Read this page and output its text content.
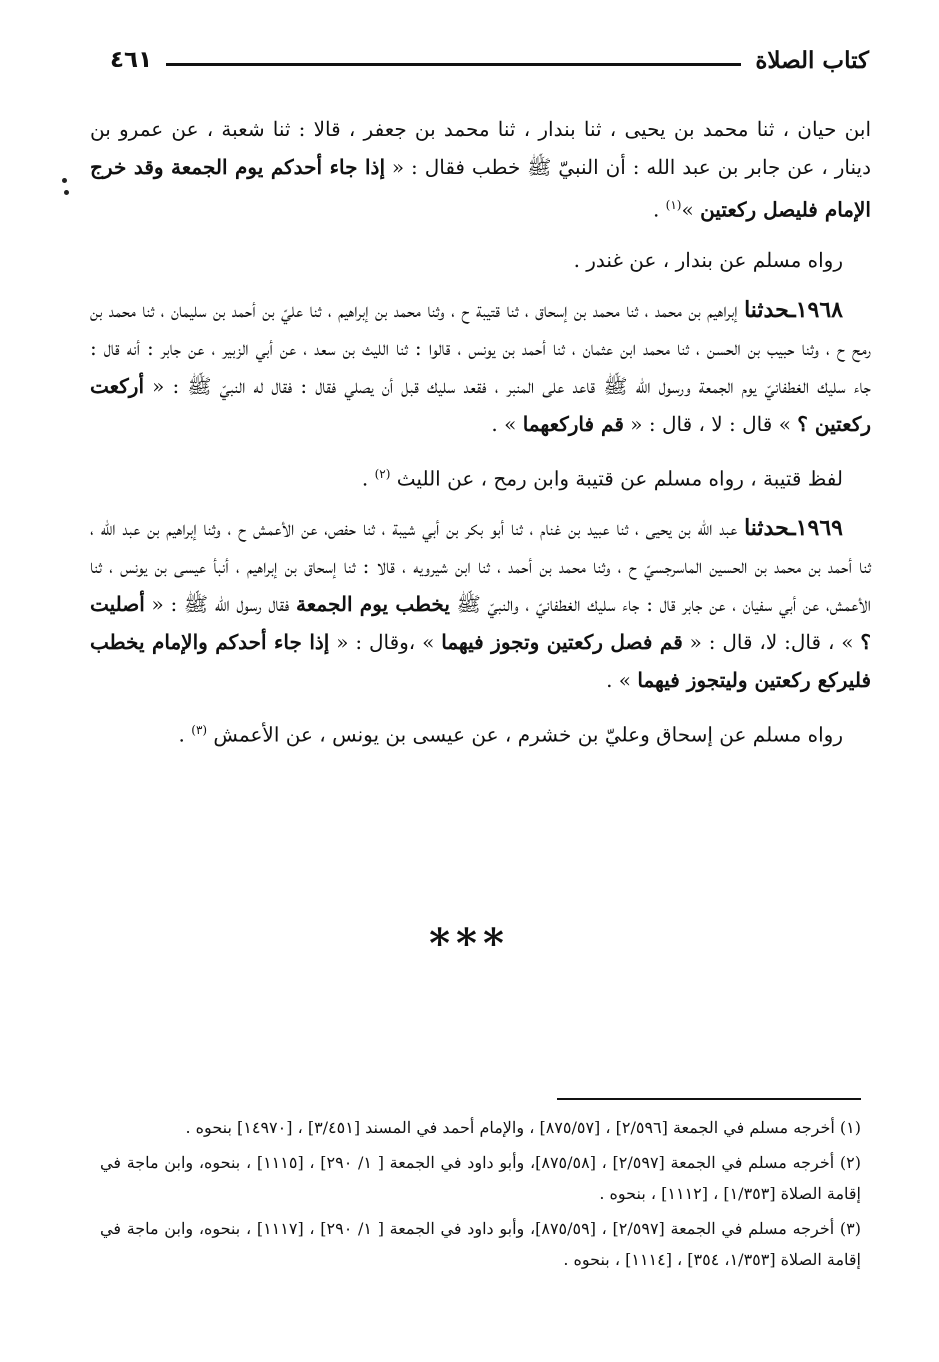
كتاب الصلاة
٤٦١

ابن حيان ، ثنا محمد بن يحيى ، ثنا بندار ، ثنا محمد بن جعفر ، قالا : ثنا شعبة ، عن عمرو بن دينار ، عن جابر بن عبد الله : أن النبيّ ﷺ خطب فقال : « إذا جاء أحدكم يوم الجمعة وقد خرج الإمام فليصل ركعتين »$^{(١)}$ .

رواه مسلم عن بندار ، عن غندر .

١٩٦٨ـحدثنا إبراهيم بن محمد ، ثنا محمد بن إسحاق ، ثنا قتيبة ح ، وثنا محمد بن إبراهيم ، ثنا عليّ بن أحمد بن سليمان ، ثنا محمد بن رمح ح ، وثنا حبيب بن الحسن ، ثنا محمد ابن عثمان ، ثنا أحمد بن يونس ، قالوا : ثنا الليث بن سعد ، عن أبي الزبير ، عن جابر : أنه قال : جاء سليك الغطفانيّ يوم الجمعة ورسول الله ﷺ قاعد على المنبر ، فقعد سليك قبل أن يصلي فقال : فقال له النبيّ ﷺ : « أركعت ركعتين ؟ » قال : لا ، قال : « قم فاركعهما » .

لفظ قتيبة ، رواه مسلم عن قتيبة وابن رمح ، عن الليث $^{(٢)}$ .

١٩٦٩ـحدثنا عبد الله بن يحيى ، ثنا عبيد بن غنام ، ثنا أبو بكر بن أبي شيبة ، ثنا حفص، عن الأعمش ح ، وثنا إبراهيم بن عبد الله ، ثنا أحمد بن محمد بن الحسين الماسرجسيّ ح ، وثنا محمد بن أحمد ، ثنا ابن شيرويه ، قالا : ثنا إسحاق بن إبراهيم ، أنبأ عيسى بن يونس ، ثنا الأعمش، عن أبي سفيان ، عن جابر قال : جاء سليك الغطفانيّ ، والنبيّ ﷺ يخطب يوم الجمعة فقال رسول الله ﷺ : « أصليت ؟ » ، قال: لا، قال : « قم فصل ركعتين وتجوز فيهما » ،وقال : « إذا جاء أحدكم والإمام يخطب فليركع ركعتين وليتجوز فيهما » .

رواه مسلم عن إسحاق وعليّ بن خشرم ، عن عيسى بن يونس ، عن الأعمش $^{(٣)}$ .

***

(١) أخرجه مسلم في الجمعة [٢/٥٩٦] ، [٨٧٥/٥٧] ، والإمام أحمد في المسند [٣/٤٥١] ، [١٤٩٧٠] بنحوه .

(٢) أخرجه مسلم في الجمعة [٢/٥٩٧] ، [٨٧٥/٥٨]، وأبو داود في الجمعة [ ١/ ٢٩٠] ، [١١١٥] ، بنحوه، وابن ماجة في إقامة الصلاة [١/٣٥٣] ، [١١١٢] ، بنحوه .

(٣) أخرجه مسلم في الجمعة [٢/٥٩٧] ، [٨٧٥/٥٩]، وأبو داود في الجمعة [ ١/ ٢٩٠] ، [١١١٧] ، بنحوه، وابن ماجة في إقامة الصلاة [١/٣٥٣، ٣٥٤] ، [١١١٤] ، بنحوه .
